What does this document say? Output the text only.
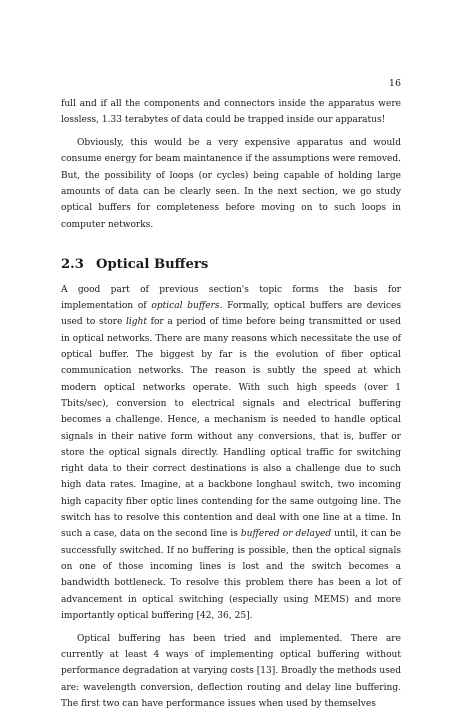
16

full and if all the components and connectors inside the apparatus were lossless, 1.33 terabytes of data could be trapped inside our apparatus!

Obviously, this would be a very expensive apparatus and would consume energy for beam maintanence if the assumptions were removed. But, the possibility of loops (or cycles) being capable of holding large amounts of data can be clearly seen. In the next section, we go study optical buffers for completeness before moving on to such loops in computer networks.

2.3 Optical Buffers

A good part of previous section's topic forms the basis for implementation of optical buffers. Formally, optical buffers are devices used to store light for a period of time before being transmitted or used in optical networks. There are many reasons which necessitate the use of optical buffer. The biggest by far is the evolution of fiber optical communication networks. The reason is subtly the speed at which modern optical networks operate. With such high speeds (over 1 Tbits/sec), conversion to electrical signals and electrical buffering becomes a challenge. Hence, a mechanism is needed to handle optical signals in their native form without any conversions, that is, buffer or store the optical signals directly. Handling optical traffic for switching right data to their correct destinations is also a challenge due to such high data rates. Imagine, at a backbone longhaul switch, two incoming high capacity fiber optic lines contending for the same outgoing line. The switch has to resolve this contention and deal with one line at a time. In such a case, data on the second line is buffered or delayed until, it can be successfully switched. If no buffering is possible, then the optical signals on one of those incoming lines is lost and the switch becomes a bandwidth bottleneck. To resolve this problem there has been a lot of advancement in optical switching (especially using MEMS) and more importantly optical buffering [42, 36, 25].

Optical buffering has been tried and implemented. There are currently at least 4 ways of implementing optical buffering without performance degradation at varying costs [13]. Broadly the methods used are: wavelength conversion, deflection routing and delay line buffering. The first two can have performance issues when used by themselves
